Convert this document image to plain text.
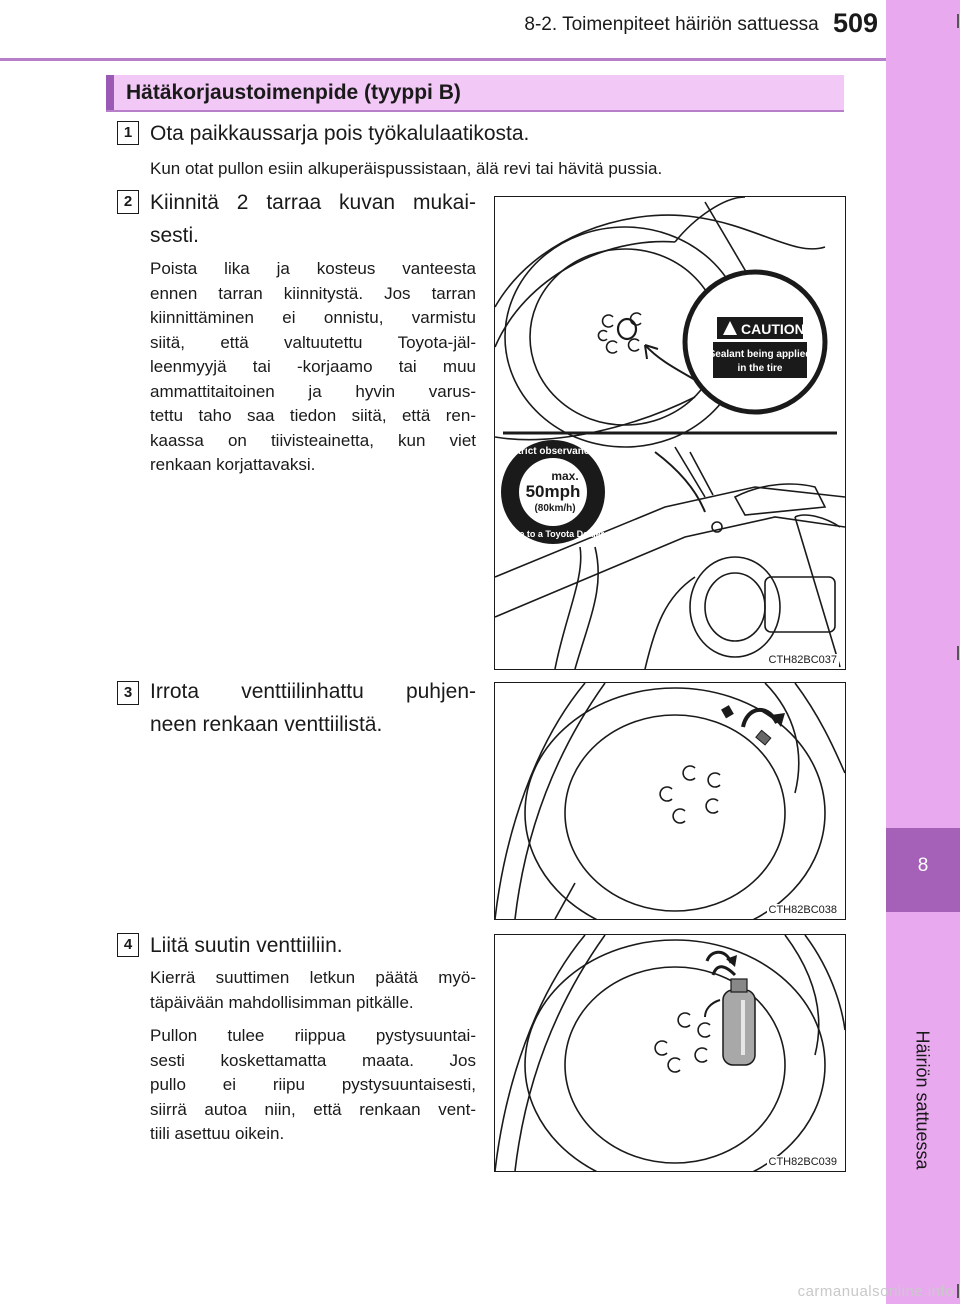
8-2. Toimenpiteet häiriön sattuessa 509
8
Häiriön sattuessa
Hätäkorjaustoimenpide (tyyppi B)
1 Ota paikkaussarja pois työkalulaatikosta.
Kun otat pullon esiin alkuperäispussistaan, älä revi tai hävitä pussia.
2 Kiinnitä 2 tarraa kuvan mukai-
sesti.
Poista lika ja kosteus vanteesta
ennen tarran kiinnitystä. Jos tarran
kiinnittäminen ei onnistu, varmistu
siitä, että valtuutettu Toyota-jäl-
leenmyyjä tai -korjaamo tai muu
ammattitaitoinen ja hyvin varus-
tettu taho saa tiedon siitä, että ren-
kaassa on tiivisteainetta, kun viet
renkaan korjattavaksi.
CAUTION
Sealant being applied
in the tire
Strict observance
max.
50mph
(80km/h)
Drive to a Toyota Dealer
CTH82BC037
3 Irrota venttiilinhattu puhjen-
neen renkaan venttiilistä.
CTH82BC038
4 Liitä suutin venttiiliin.
Kierrä suuttimen letkun päätä myö-
täpäivään mahdollisimman pitkälle.
Pullon tulee riippua pystysuuntai-
sesti koskettamatta maata. Jos
pullo ei riipu pystysuuntaisesti,
siirrä autoa niin, että renkaan vent-
tiili asettuu oikein.
CTH82BC039
carmanualsonline.info
